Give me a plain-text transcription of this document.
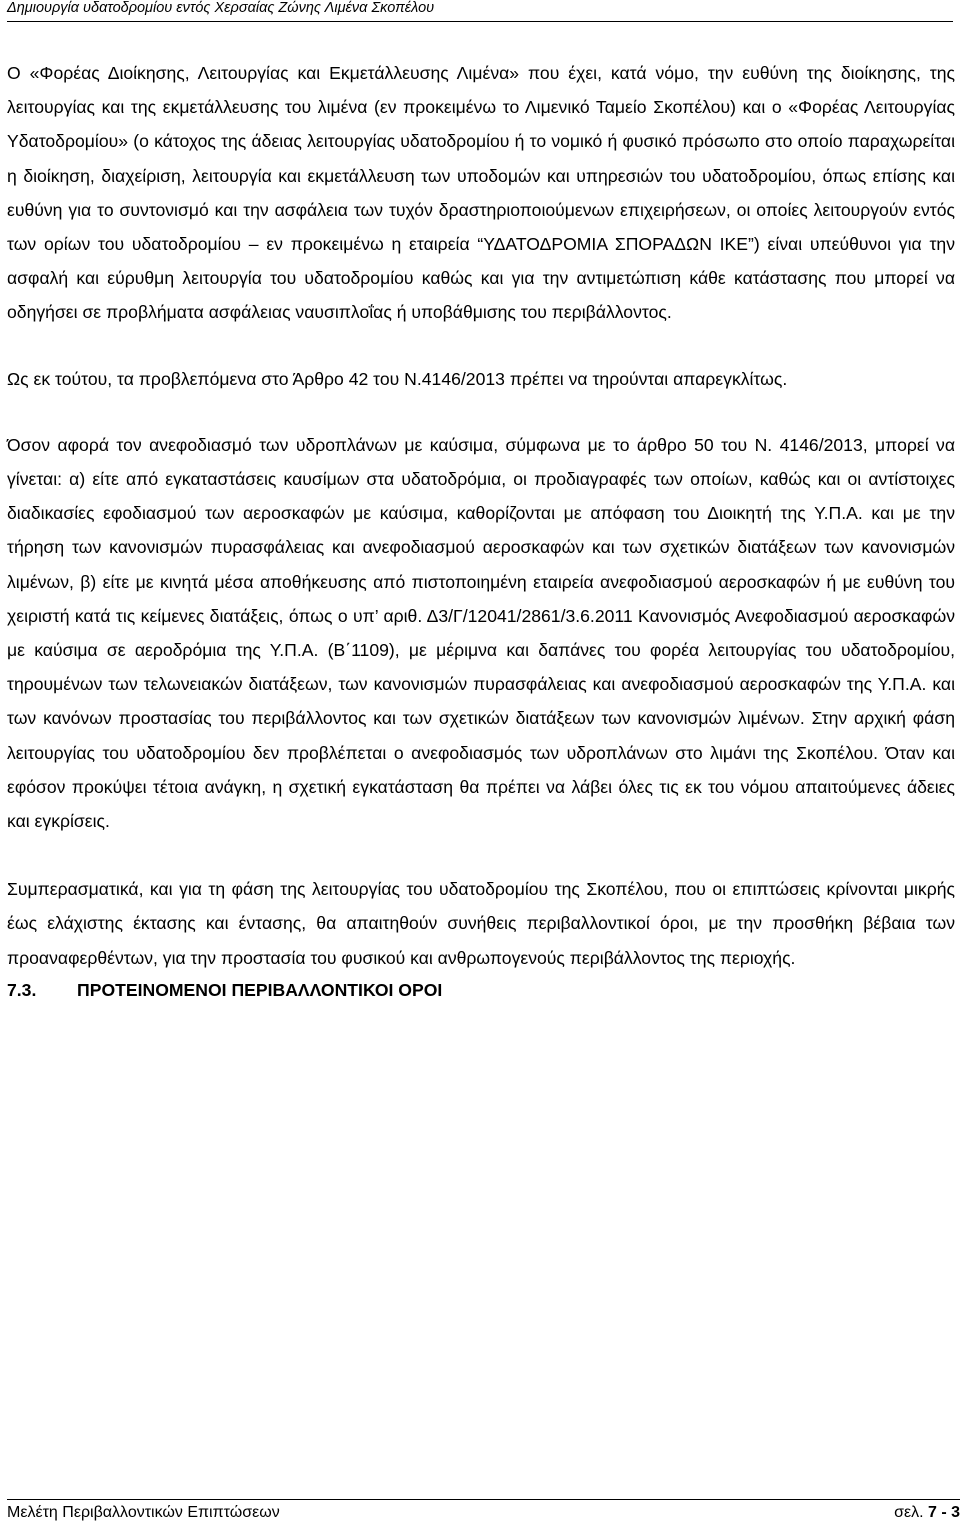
Δημιουργία υδατοδρομίου εντός Χερσαίας Ζώνης Λιμένα Σκοπέλου

Ο «Φορέας Διοίκησης, Λειτουργίας και Εκμετάλλευσης Λιμένα» που έχει, κατά νόμο, την ευθύνη της διοίκησης, της λειτουργίας και της εκμετάλλευσης του λιμένα (εν προκειμένω το Λιμενικό Ταμείο Σκοπέλου) και ο «Φορέας Λειτουργίας Υδατοδρομίου» (ο κάτοχος της άδειας λειτουργίας υδατοδρομίου ή το νομικό ή φυσικό πρόσωπο στο οποίο παραχωρείται η διοίκηση, διαχείριση, λειτουργία και εκμετάλλευση των υποδομών και υπηρεσιών του υδατοδρομίου, όπως επίσης και ευθύνη για το συντονισμό και την ασφάλεια των τυχόν δραστηριοποιούμενων επιχειρήσεων, οι οποίες λειτουργούν εντός των ορίων του υδατοδρομίου – εν προκειμένω η εταιρεία “ΥΔΑΤΟΔΡΟΜΙΑ ΣΠΟΡΑΔΩΝ ΙΚΕ”) είναι υπεύθυνοι για την ασφαλή και εύρυθμη λειτουργία του υδατοδρομίου καθώς και για την αντιμετώπιση κάθε κατάστασης που μπορεί να οδηγήσει σε προβλήματα ασφάλειας ναυσιπλοΐας ή υποβάθμισης του περιβάλλοντος.

Ως εκ τούτου, τα προβλεπόμενα στο Άρθρο 42 του Ν.4146/2013 πρέπει να τηρούνται απαρεγκλίτως.

Όσον αφορά τον ανεφοδιασμό των υδροπλάνων με καύσιμα, σύμφωνα με το άρθρο 50 του Ν. 4146/2013, μπορεί να γίνεται: α) είτε από εγκαταστάσεις καυσίμων στα υδατοδρόμια, οι προδιαγραφές των οποίων, καθώς και οι αντίστοιχες διαδικασίες εφοδιασμού των αεροσκαφών με καύσιμα, καθορίζονται με απόφαση του Διοικητή της Υ.Π.Α. και με την τήρηση των κανονισμών πυρασφάλειας και ανεφοδιασμού αεροσκαφών και των σχετικών διατάξεων των κανονισμών λιμένων, β) είτε με κινητά μέσα αποθήκευσης από πιστοποιημένη εταιρεία ανεφοδιασμού αεροσκαφών ή με ευθύνη του χειριστή κατά τις κείμενες διατάξεις, όπως ο υπ’ αριθ. Δ3/Γ/12041/2861/3.6.2011 Κανονισμός Ανεφοδιασμού αεροσκαφών με καύσιμα σε αεροδρόμια της Υ.Π.Α. (Β΄1109), με μέριμνα και δαπάνες του φορέα λειτουργίας του υδατοδρομίου, τηρουμένων των τελωνειακών διατάξεων, των κανονισμών πυρασφάλειας και ανεφοδιασμού αεροσκαφών της Υ.Π.Α. και των κανόνων προστασίας του περιβάλλοντος και των σχετικών διατάξεων των κανονισμών λιμένων. Στην αρχική φάση λειτουργίας του υδατοδρομίου δεν προβλέπεται ο ανεφοδιασμός των υδροπλάνων στο λιμάνι της Σκοπέλου. Όταν και εφόσον προκύψει τέτοια ανάγκη, η σχετική εγκατάσταση θα πρέπει να λάβει όλες τις εκ του νόμου απαιτούμενες άδειες και εγκρίσεις.

Συμπερασματικά, και για τη φάση της λειτουργίας του υδατοδρομίου της Σκοπέλου, που οι επιπτώσεις κρίνονται μικρής έως ελάχιστης έκτασης και έντασης, θα απαιτηθούν συνήθεις περιβαλλοντικοί όροι, με την προσθήκη βέβαια των προαναφερθέντων, για την προστασία του φυσικού και ανθρωπογενούς περιβάλλοντος της περιοχής.

7.3. ΠΡΟΤΕΙΝΟΜΕΝΟΙ ΠΕΡΙΒΑΛΛΟΝΤΙΚΟΙ ΟΡΟΙ
Μελέτη Περιβαλλοντικών Επιπτώσεων	σελ. 7 - 3
